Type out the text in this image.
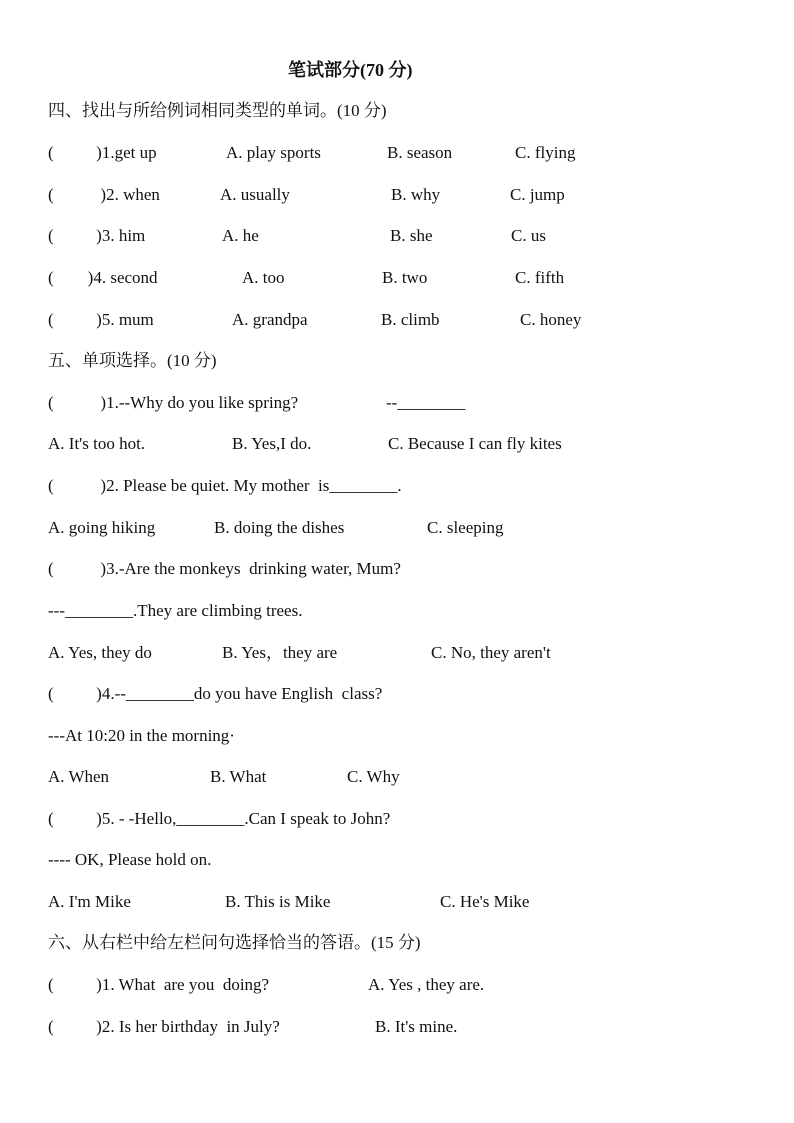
笔试部分(70 分)
四、找出与所给例词相同类型的单词。(10 分)
(          )1.get up	A. play sports	B. season	C. flying
(           )2. when	A. usually	B. why	C. jump
(          )3. him	A. he	B. she	C. us
(        )4. second	A. too	B. two	C. fifth
(          )5. mum	A. grandpa	B. climb	C. honey
五、单项选择。(10 分)
(           )1.--Why do you like spring?	--________
A. It's too hot.	B. Yes,I do.	C. Because I can fly kites
(           )2. Please be quiet. My mother  is________.
A. going hiking	B. doing the dishes	C. sleeping
(           )3.-Are the monkeys  drinking water, Mum?
---________.They are climbing trees.
A. Yes, they do	B. Yes，they are	C. No, they aren't
(          )4.--________do you have English  class?
---At 10:20 in the morning·
A. When	B. What	C. Why
(          )5. - -Hello,________.Can I speak to John?
---- OK, Please hold on.
A. I'm Mike	B. This is Mike	C. He's Mike
六、从右栏中给左栏问句选择恰当的答语。(15 分)
(          )1. What  are you  doing?	A. Yes , they are.
(          )2. Is her birthday  in July?	B. It's mine.
